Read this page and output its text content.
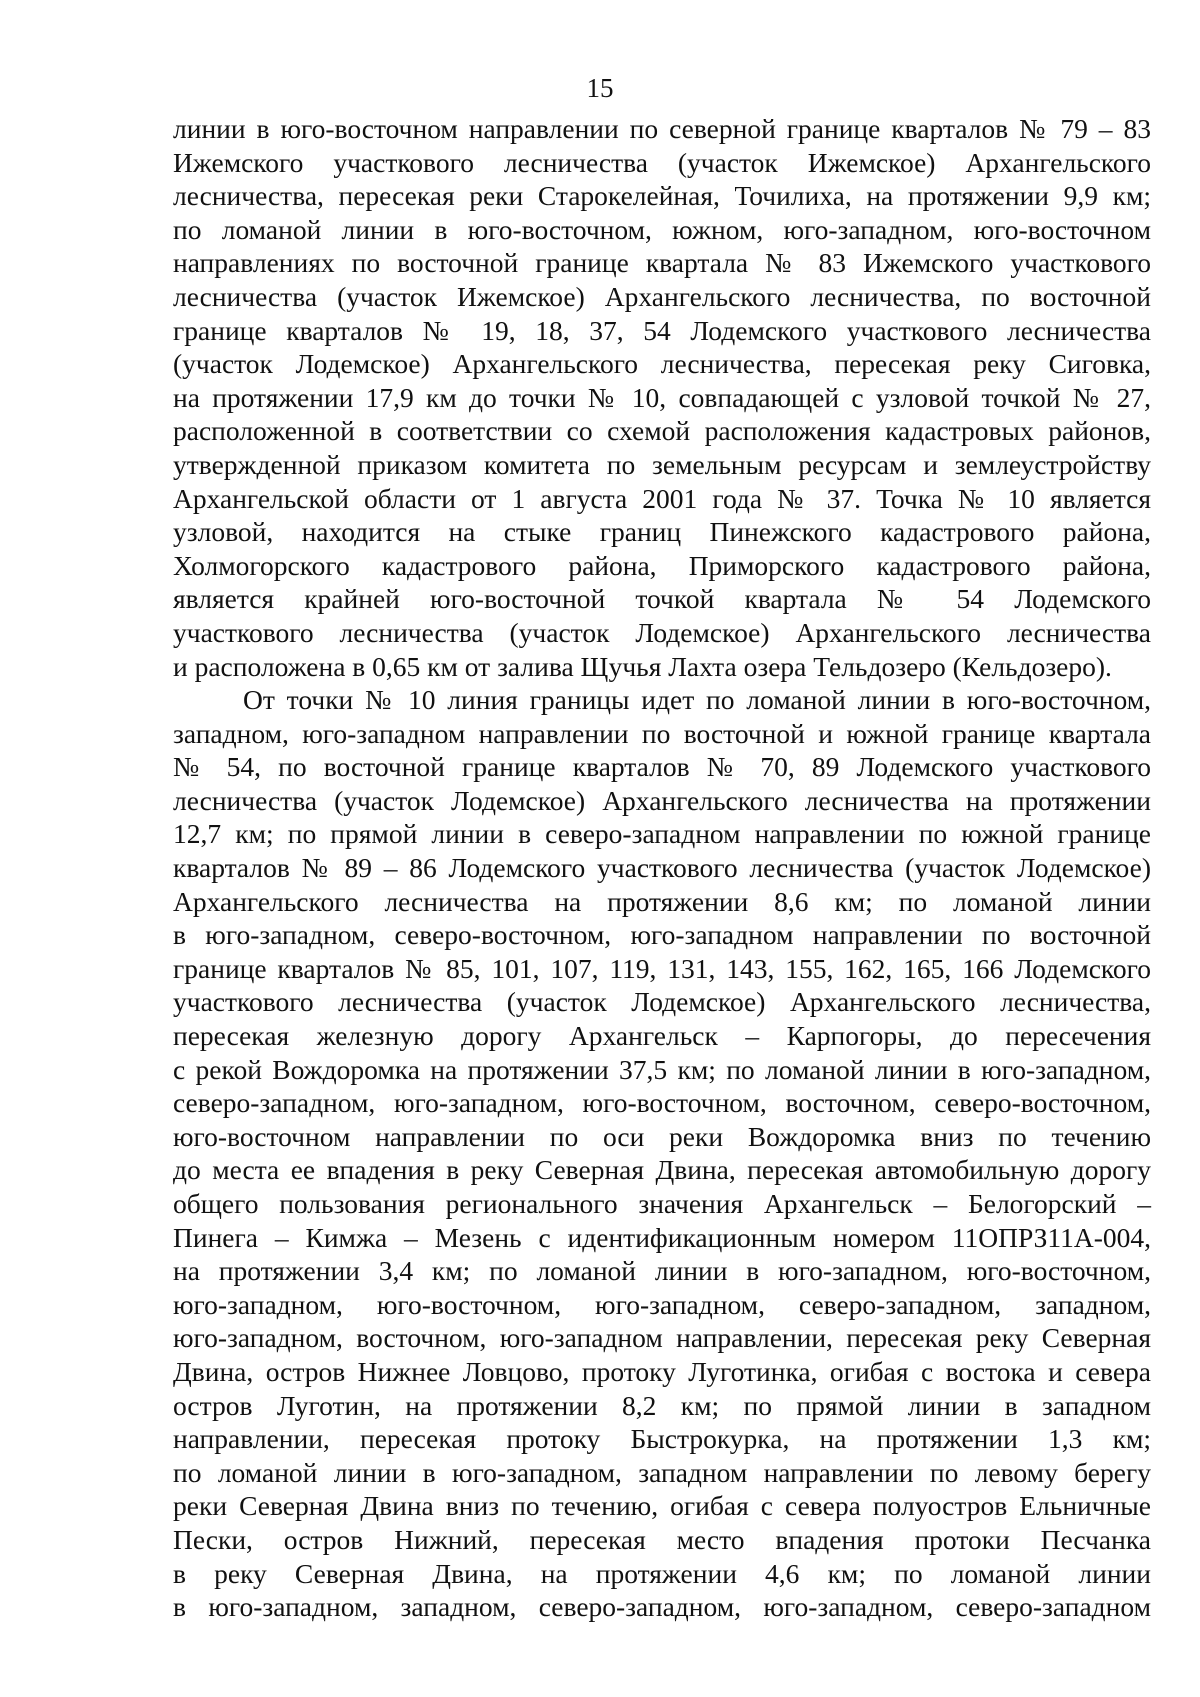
15

линии в юго-восточном направлении по северной границе кварталов № 79 – 83
Ижемского участкового лесничества (участок Ижемское) Архангельского
лесничества, пересекая реки Старокелейная, Точилиха, на протяжении 9,9 км;
по ломаной линии в юго-восточном, южном, юго-западном, юго-восточном
направлениях по восточной границе квартала № 83 Ижемского участкового
лесничества (участок Ижемское) Архангельского лесничества, по восточной
границе кварталов № 19, 18, 37, 54 Лодемского участкового лесничества
(участок Лодемское) Архангельского лесничества, пересекая реку Сиговка,
на протяжении 17,9 км до точки № 10, совпадающей с узловой точкой № 27,
расположенной в соответствии со схемой расположения кадастровых районов,
утвержденной приказом комитета по земельным ресурсам и землеустройству
Архангельской области от 1 августа 2001 года № 37. Точка № 10 является
узловой, находится на стыке границ Пинежского кадастрового района,
Холмогорского кадастрового района, Приморского кадастрового района,
является крайней юго-восточной точкой квартала № 54 Лодемского
участкового лесничества (участок Лодемское) Архангельского лесничества
и расположена в 0,65 км от залива Щучья Лахта озера Тельдозеро (Кельдозеро).

От точки № 10 линия границы идет по ломаной линии в юго-восточном,
западном, юго-западном направлении по восточной и южной границе квартала
№ 54, по восточной границе кварталов № 70, 89 Лодемского участкового
лесничества (участок Лодемское) Архангельского лесничества на протяжении
12,7 км; по прямой линии в северо-западном направлении по южной границе
кварталов № 89 – 86 Лодемского участкового лесничества (участок Лодемское)
Архангельского лесничества на протяжении 8,6 км; по ломаной линии
в юго-западном, северо-восточном, юго-западном направлении по восточной
границе кварталов № 85, 101, 107, 119, 131, 143, 155, 162, 165, 166 Лодемского
участкового лесничества (участок Лодемское) Архангельского лесничества,
пересекая железную дорогу Архангельск – Карпогоры, до пересечения
с рекой Вождоромка на протяжении 37,5 км; по ломаной линии в юго-западном,
северо-западном, юго-западном, юго-восточном, восточном, северо-восточном,
юго-восточном направлении по оси реки Вождоромка вниз по течению
до места ее впадения в реку Северная Двина, пересекая автомобильную дорогу
общего пользования регионального значения Архангельск – Белогорский –
Пинега – Кимжа – Мезень с идентификационным номером 11ОПРЗ11А-004,
на протяжении 3,4 км; по ломаной линии в юго-западном, юго-восточном,
юго-западном, юго-восточном, юго-западном, северо-западном, западном,
юго-западном, восточном, юго-западном направлении, пересекая реку Северная
Двина, остров Нижнее Ловцово, протоку Луготинка, огибая с востока и севера
остров Луготин, на протяжении 8,2 км; по прямой линии в западном
направлении, пересекая протоку Быстрокурка, на протяжении 1,3 км;
по ломаной линии в юго-западном, западном направлении по левому берегу
реки Северная Двина вниз по течению, огибая с севера полуостров Ельничные
Пески, остров Нижний, пересекая место впадения протоки Песчанка
в реку Северная Двина, на протяжении 4,6 км; по ломаной линии
в юго-западном, западном, северо-западном, юго-западном, северо-западном
